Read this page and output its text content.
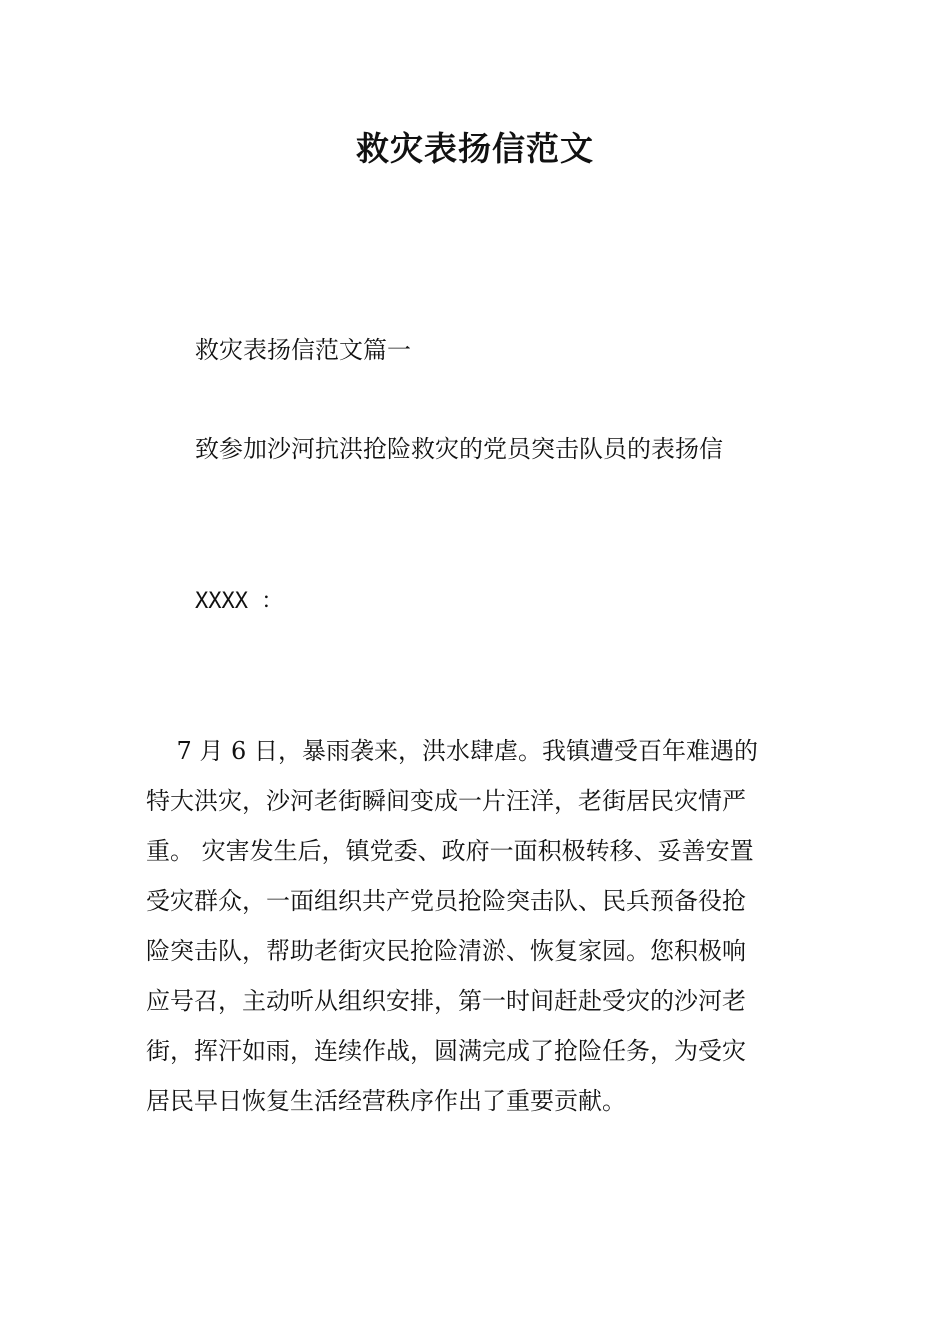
救灾表扬信范文
救灾表扬信范文篇一
致参加沙河抗洪抢险救灾的党员突击队员的表扬信
XXXX ：
7 月 6 日，暴雨袭来，洪水肆虐。我镇遭受百年难遇的
特大洪灾，沙河老街瞬间变成一片汪洋，老街居民灾情严
重。 灾害发生后，镇党委、政府一面积极转移、妥善安置
受灾群众，一面组织共产党员抢险突击队、民兵预备役抢
险突击队，帮助老街灾民抢险清淤、恢复家园。您积极响
应号召，主动听从组织安排，第一时间赶赴受灾的沙河老
街，挥汗如雨，连续作战，圆满完成了抢险任务，为受灾
居民早日恢复生活经营秩序作出了重要贡献。
